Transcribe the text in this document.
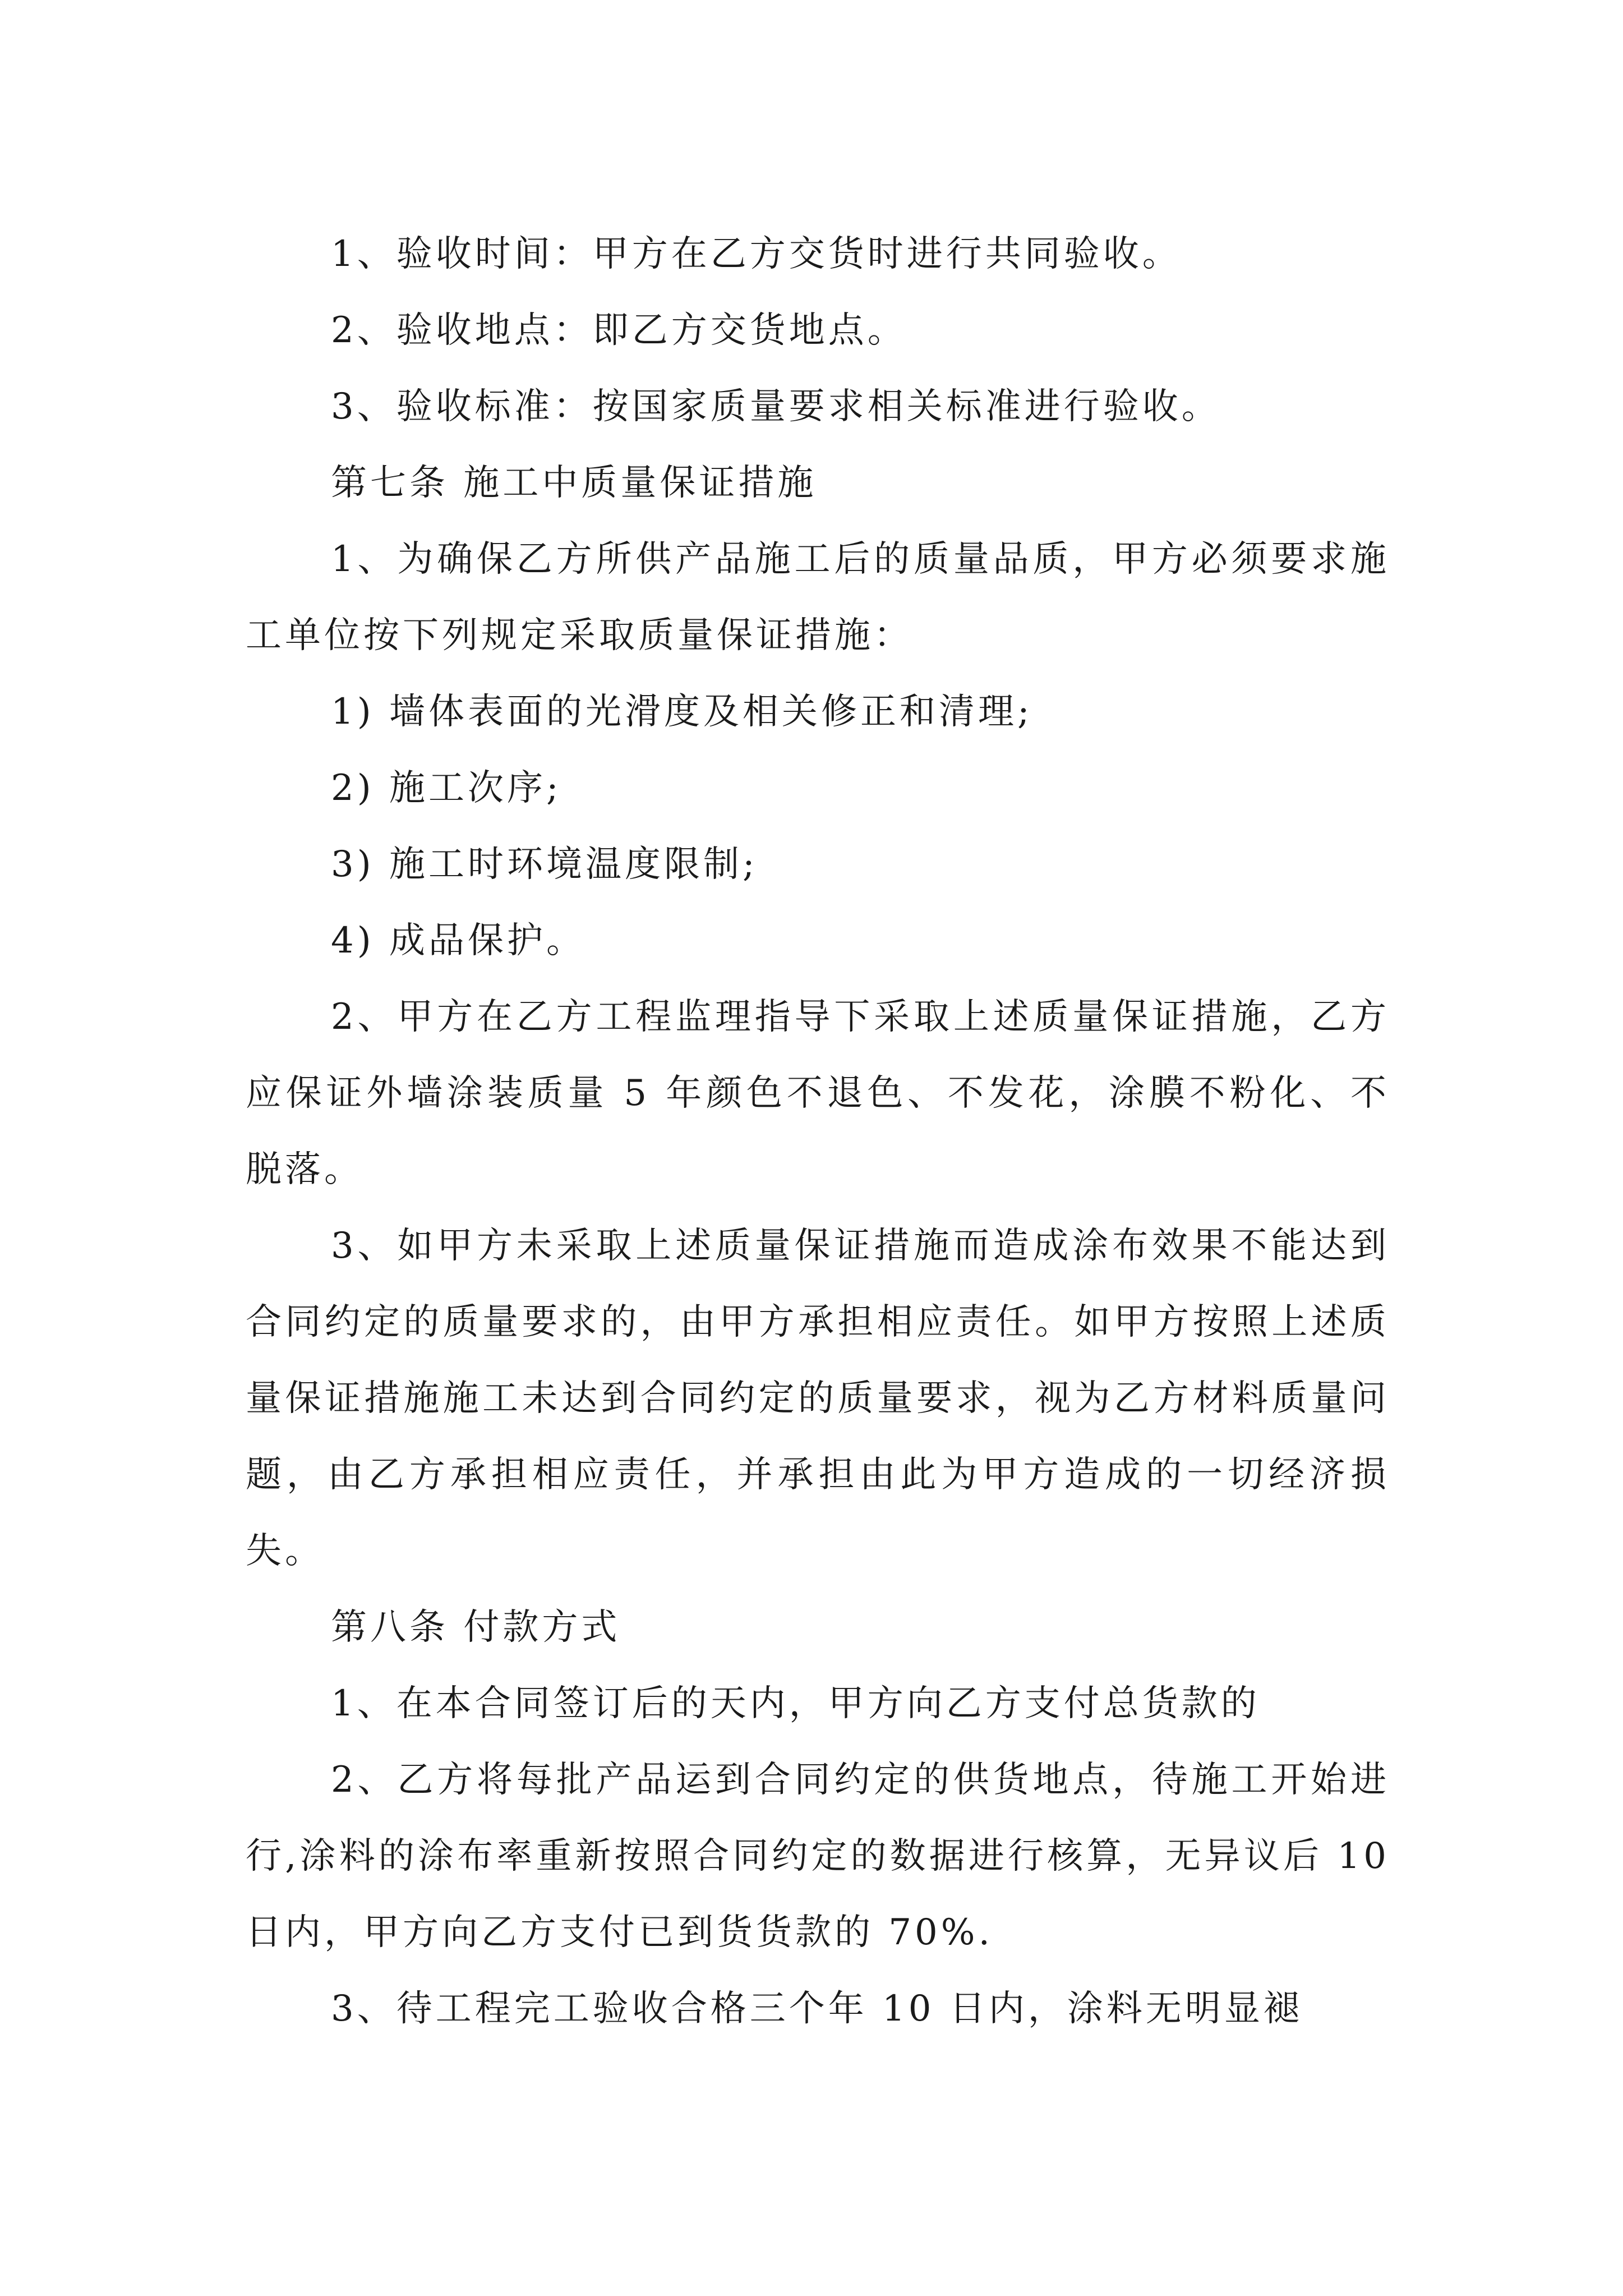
1、验收时间：甲方在乙方交货时进行共同验收。

2、验收地点：即乙方交货地点。

3、验收标准：按国家质量要求相关标准进行验收。

第七条 施工中质量保证措施

1、为确保乙方所供产品施工后的质量品质，甲方必须要求施工单位按下列规定采取质量保证措施：

1) 墙体表面的光滑度及相关修正和清理;

2) 施工次序;

3) 施工时环境温度限制;

4) 成品保护。

2、甲方在乙方工程监理指导下采取上述质量保证措施，乙方应保证外墙涂装质量 5 年颜色不退色、不发花，涂膜不粉化、不脱落。

3、如甲方未采取上述质量保证措施而造成涂布效果不能达到合同约定的质量要求的，由甲方承担相应责任。如甲方按照上述质量保证措施施工未达到合同约定的质量要求，视为乙方材料质量问题，由乙方承担相应责任，并承担由此为甲方造成的一切经济损失。

第八条 付款方式

1、在本合同签订后的天内，甲方向乙方支付总货款的

2、乙方将每批产品运到合同约定的供货地点，待施工开始进行,涂料的涂布率重新按照合同约定的数据进行核算，无异议后 10 日内，甲方向乙方支付已到货货款的 70%.

3、待工程完工验收合格三个年 10 日内，涂料无明显褪
